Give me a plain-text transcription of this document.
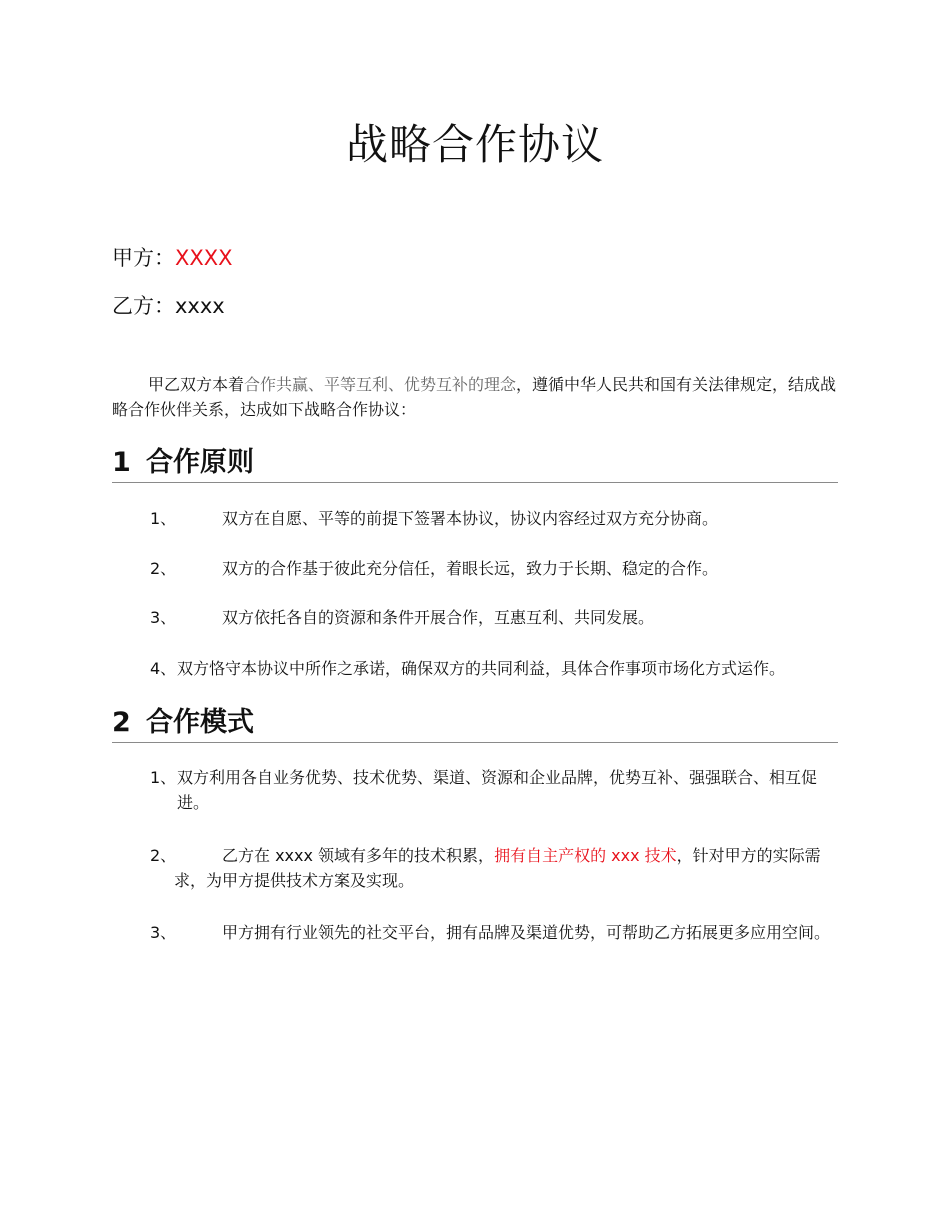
战略合作协议
甲方：XXXX
乙方：xxxx
甲乙双方本着合作共赢、平等互利、优势互补的理念，遵循中华人民共和国有关法律规定，结成战略合作伙伴关系，达成如下战略合作协议：
1 合作原则
1、	双方在自愿、平等的前提下签署本协议，协议内容经过双方充分协商。
2、	双方的合作基于彼此充分信任，着眼长远，致力于长期、稳定的合作。
3、	双方依托各自的资源和条件开展合作，互惠互利、共同发展。
4、 双方恪守本协议中所作之承诺，确保双方的共同利益，具体合作事项市场化方式运作。
2 合作模式
1、 双方利用各自业务优势、技术优势、渠道、资源和企业品牌，优势互补、强强联合、相互促进。
2、	乙方在 xxxx 领域有多年的技术积累，拥有自主产权的 xxx 技术，针对甲方的实际需求，为甲方提供技术方案及实现。
3、	甲方拥有行业领先的社交平台，拥有品牌及渠道优势，可帮助乙方拓展更多应用空间。
